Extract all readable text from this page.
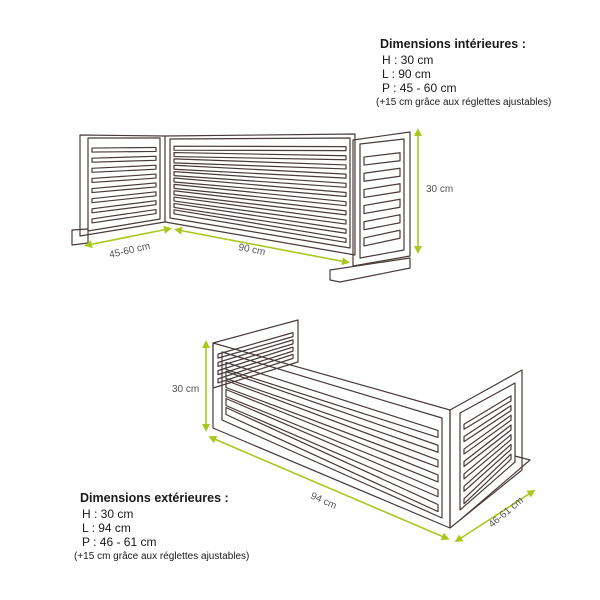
Dimensions intérieures :
H : 30 cm
L : 90 cm
P : 45 - 60 cm
(+15 cm grâce aux réglettes ajustables)
Dimensions extérieures :
H : 30 cm
L : 94 cm
P : 46 - 61 cm
(+15 cm grâce aux réglettes ajustables)
30 cm
45-60 cm	90 cm
30 cm
94 cm	46-61 cm
